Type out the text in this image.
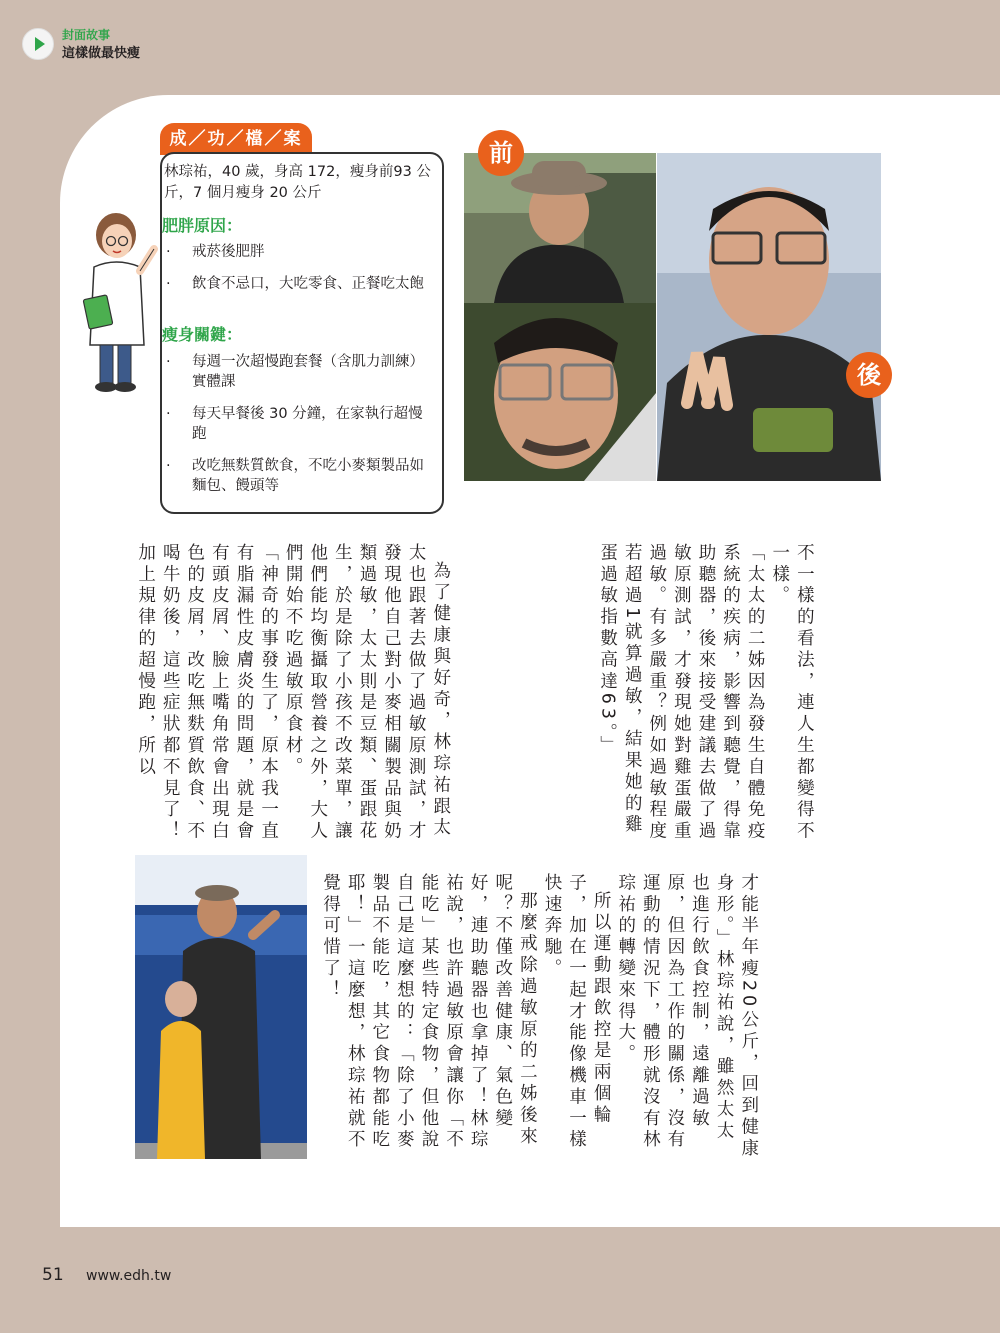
封面故事
這樣做最快瘦
成／功／檔／案
林琮祐，40 歲，身高 172，瘦身前93 公斤，7 個月瘦身 20 公斤
肥胖原因：
· 戒菸後肥胖
· 飲食不忌口，大吃零食、正餐吃太飽
瘦身關鍵：
· 每週一次超慢跑套餐（含肌力訓練）實體課
· 每天早餐後 30 分鐘，在家執行超慢跑
· 改吃無麩質飲食，不吃小麥類製品如麵包、饅頭等
前
後

不一樣的看法，連人生都變得不一樣。

「太太的二姊因為發生自體免疫系統的疾病，影響到聽覺，得靠助聽器，後來接受建議去做了過敏原測試，才發現她對雞蛋嚴重過敏。有多嚴重？例如過敏程度若超過1就算過敏，結果她的雞蛋過敏指數高達63。」

為了健康與好奇，林琮祐跟太太也跟著去做了過敏原測試，才發現他自己對小麥相關製品與奶類過敏，太太則是豆類、蛋跟花生，於是除了小孩不改菜單，讓他們能均衡攝取營養之外，大人們開始不吃過敏原食材。

「神奇的事發生了，原本我一直有脂漏性皮膚炎的問題，就是會有頭皮屑、臉上嘴角常會出現白色的皮屑，改吃無麩質飲食、不喝牛奶後，這些症狀都不見了！加上規律的超慢跑，所以

才能半年瘦20公斤，回到健康身形。」林琮祐說，雖然太太也進行飲食控制，遠離過敏原，但因為工作的關係，沒有運動的情況下，體形就沒有林琮祐的轉變來得大。

所以運動跟飲控是兩個輪子，加在一起才能像機車一樣快速奔馳。

那麼戒除過敏原的二姊後來呢？不僅改善健康、氣色變好，連助聽器也拿掉了！林琮祐說，也許過敏原會讓你「不能吃」某些特定食物，但他說自己是這麼想的：「除了小麥製品不能吃，其它食物都能吃耶！」一這麼想，林琮祐就不覺得可惜了！

51 www.edh.tw
